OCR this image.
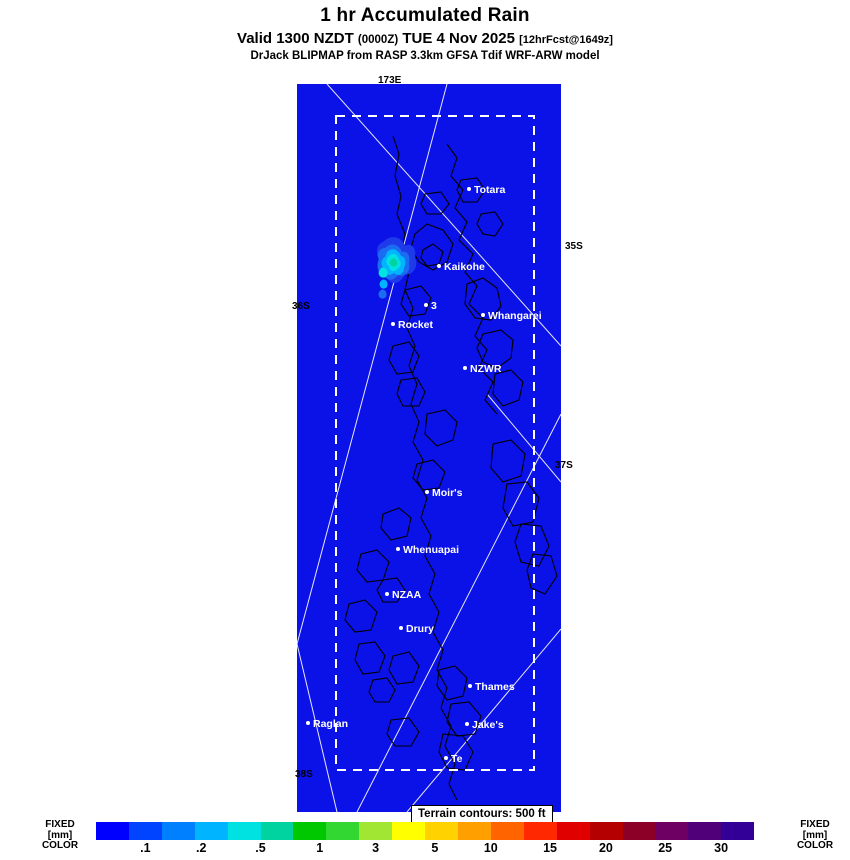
1 hr Accumulated Rain
Valid 1300 NZDT (0000Z) TUE 4 Nov 2025 [12hrFcst@1649z]
DrJack BLIPMAP from RASP 3.3km GFSA Tdif WRF-ARW model
Totara
Kaikohe
3
Rocket
Whangarei
NZWR
Moir's
Whenuapai
NZAA
Drury
Thames
Raglan	Jake's
Te
173E
35S
36S
37S
38S
Terrain contours: 500 ft
FIXED
[mm]
COLOR
FIXED
[mm]
COLOR
.1	.2	.5	1	3	5	10	15	20	25	30
